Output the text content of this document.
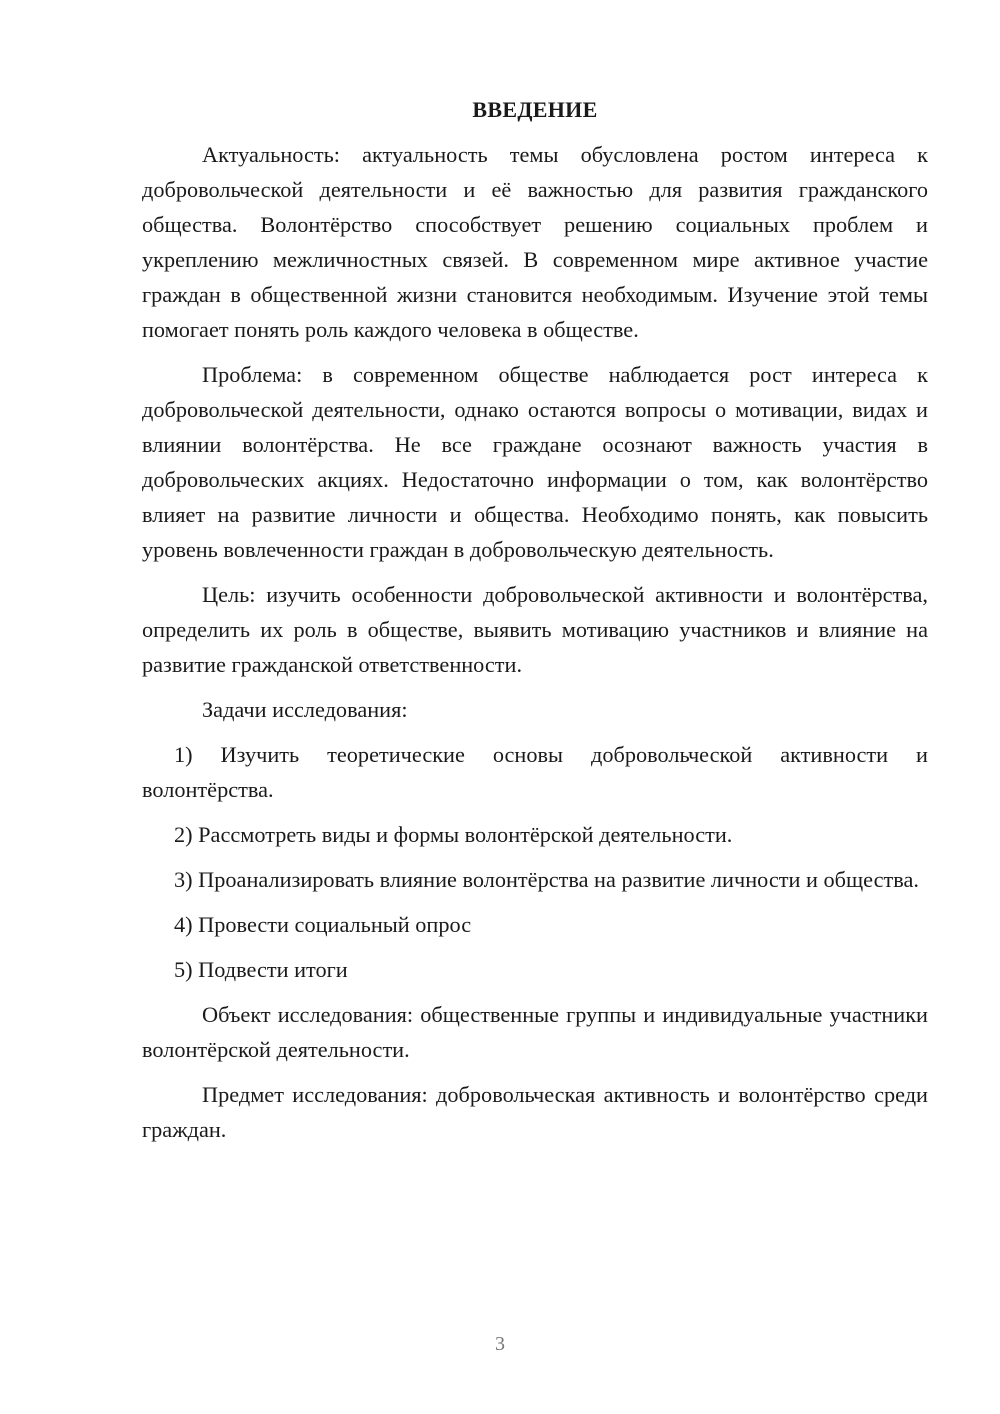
ВВЕДЕНИЕ

Актуальность: актуальность темы обусловлена ростом интереса к добровольческой деятельности и её важностью для развития гражданского общества. Волонтёрство способствует решению социальных проблем и укреплению межличностных связей. В современном мире активное участие граждан в общественной жизни становится необходимым. Изучение этой темы помогает понять роль каждого человека в обществе.

Проблема: в современном обществе наблюдается рост интереса к добровольческой деятельности, однако остаются вопросы о мотивации, видах и влиянии волонтёрства. Не все граждане осознают важность участия в добровольческих акциях. Недостаточно информации о том, как волонтёрство влияет на развитие личности и общества. Необходимо понять, как повысить уровень вовлеченности граждан в добровольческую деятельность.

Цель: изучить особенности добровольческой активности и волонтёрства, определить их роль в обществе, выявить мотивацию участников и влияние на развитие гражданской ответственности.

Задачи исследования:

1) Изучить теоретические основы добровольческой активности и волонтёрства.

2) Рассмотреть виды и формы волонтёрской деятельности.

3) Проанализировать влияние волонтёрства на развитие личности и общества.

4) Провести социальный опрос

5) Подвести итоги

Объект исследования: общественные группы и индивидуальные участники волонтёрской деятельности.

Предмет исследования: добровольческая активность и волонтёрство среди граждан.

3
